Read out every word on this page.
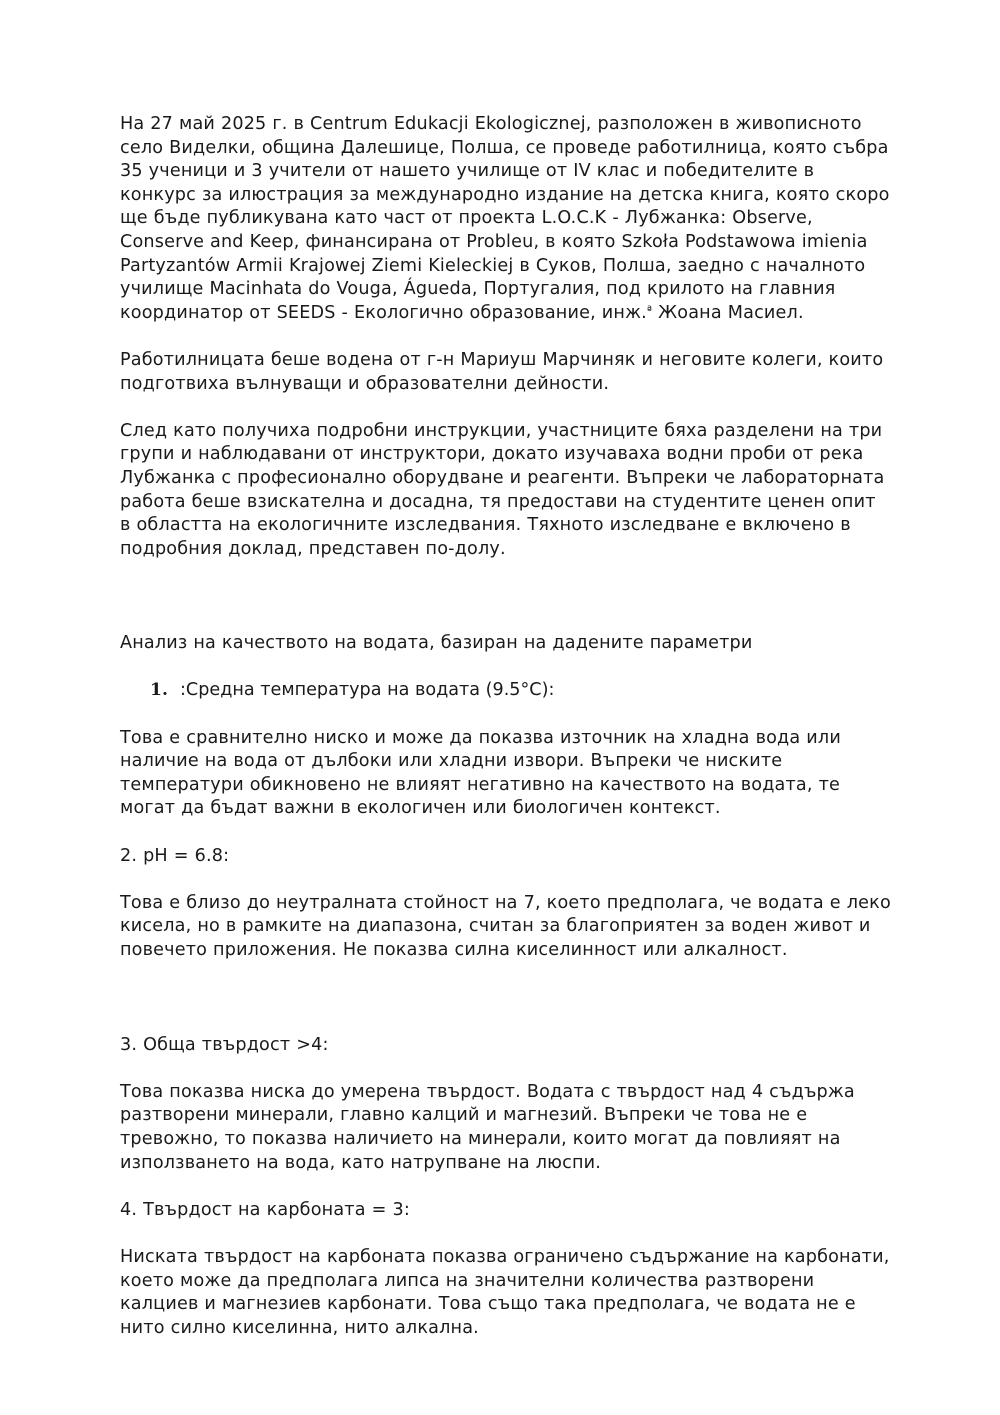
На 27 май 2025 г. в Centrum Edukacji Ekologicznej, разположен в живописното село Виделки, община Далешице, Полша, се проведе работилница, която събра 35 ученици и 3 учители от нашето училище от IV клас и победителите в конкурс за илюстрация за международно издание на детска книга, която скоро ще бъде публикувана като част от проекта L.O.C.K - Лубжанка: Observe, Conserve and Keep, финансирана от Probleu, в която Szkoła Podstawowa imienia Partyzantów Armii Krajowej Ziemi Kieleckiej в Суков, Полша, заедно с началното училище Macinhata do Vouga, Águeda, Португалия, под крилото на главния координатор от SEEDS - Екологично образование, инж.$^ª$ Жоана Масиел.

Работилницата беше водена от г-н Мариуш Марчиняк и неговите колеги, които подготвиха вълнуващи и образователни дейности.

След като получиха подробни инструкции, участниците бяха разделени на три групи и наблюдавани от инструктори, докато изучаваха водни проби от река Лубжанка с професионално оборудване и реагенти. Въпреки че лабораторната работа беше взискателна и досадна, тя предостави на студентите ценен опит в областта на екологичните изследвания. Тяхното изследване е включено в подробния доклад, представен по-долу.

Анализ на качеството на водата, базиран на дадените параметри

1. :Средна температура на водата (9.5°C):

Това е сравнително ниско и може да показва източник на хладна вода или наличие на вода от дълбоки или хладни извори. Въпреки че ниските температури обикновено не влияят негативно на качеството на водата, те могат да бъдат важни в екологичен или биологичен контекст.

2. pH = 6.8:

Това е близо до неутралната стойност на 7, което предполага, че водата е леко кисела, но в рамките на диапазона, считан за благоприятен за воден живот и повечето приложения. Не показва силна киселинност или алкалност.

3. Обща твърдост >4:

Това показва ниска до умерена твърдост. Водата с твърдост над 4 съдържа разтворени минерали, главно калций и магнезий. Въпреки че това не е тревожно, то показва наличието на минерали, които могат да повлияят на използването на вода, като натрупване на люспи.

4. Твърдост на карбоната = 3:

Ниската твърдост на карбоната показва ограничено съдържание на карбонати, което може да предполага липса на значителни количества разтворени калциев и магнезиев карбонати. Това също така предполага, че водата не е нито силно киселинна, нито алкална.
